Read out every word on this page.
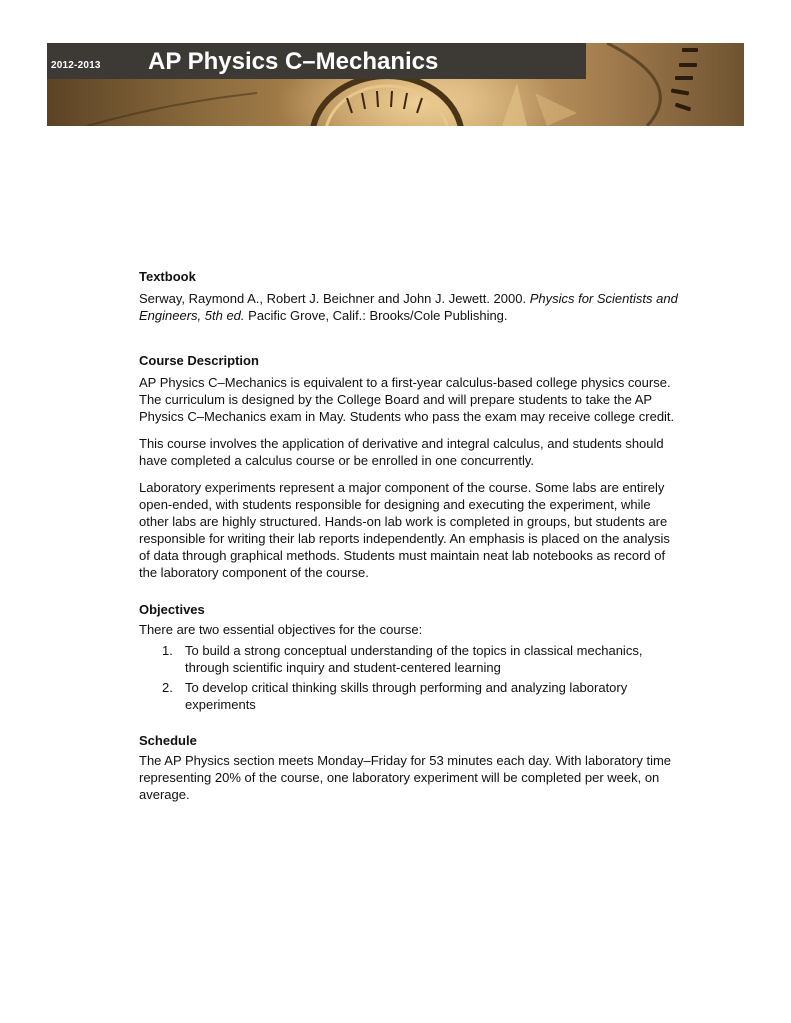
2012-2013 AP Physics C–Mechanics
Textbook

Serway, Raymond A., Robert J. Beichner and John J. Jewett. 2000. Physics for Scientists and Engineers, 5th ed. Pacific Grove, Calif.: Brooks/Cole Publishing.

Course Description

AP Physics C–Mechanics is equivalent to a first-year calculus-based college physics course. The curriculum is designed by the College Board and will prepare students to take the AP Physics C–Mechanics exam in May. Students who pass the exam may receive college credit.

This course involves the application of derivative and integral calculus, and students should have completed a calculus course or be enrolled in one concurrently.

Laboratory experiments represent a major component of the course. Some labs are entirely open-ended, with students responsible for designing and executing the experiment, while other labs are highly structured. Hands-on lab work is completed in groups, but students are responsible for writing their lab reports independently. An emphasis is placed on the analysis of data through graphical methods. Students must maintain neat lab notebooks as record of the laboratory component of the course.

Objectives

There are two essential objectives for the course:

1. To build a strong conceptual understanding of the topics in classical mechanics, through scientific inquiry and student-centered learning
2. To develop critical thinking skills through performing and analyzing laboratory experiments
Schedule

The AP Physics section meets Monday–Friday for 53 minutes each day. With laboratory time representing 20% of the course, one laboratory experiment will be completed per week, on average.
